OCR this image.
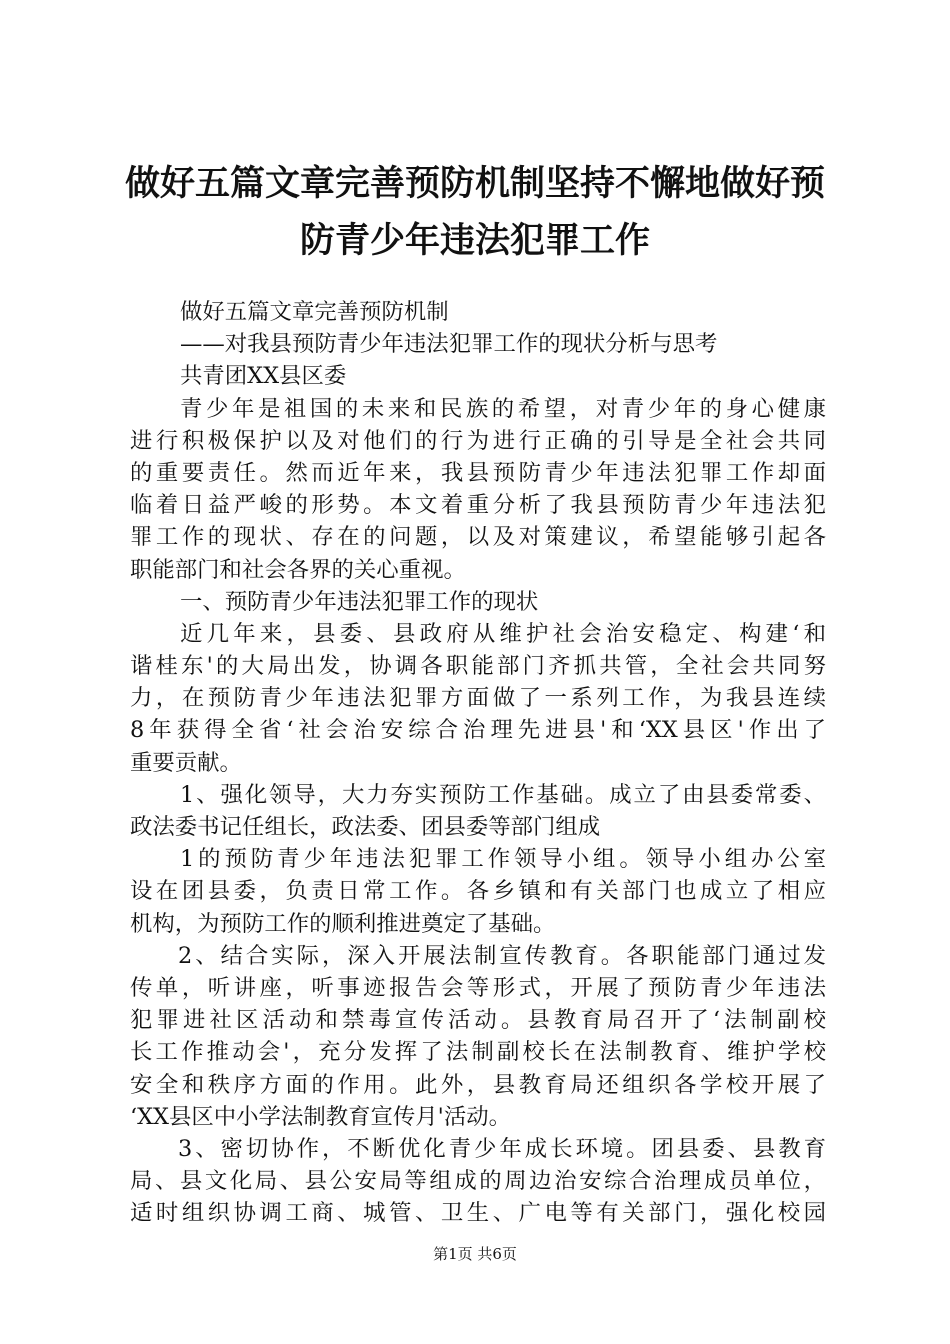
做好五篇文章完善预防机制坚持不懈地做好预
防青少年违法犯罪工作
做好五篇文章完善预防机制
——对我县预防青少年违法犯罪工作的现状分析与思考
共青团XX县区委
青少年是祖国的未来和民族的希望，对青少年的身心健康
进行积极保护以及对他们的行为进行正确的引导是全社会共同
的重要责任。然而近年来，我县预防青少年违法犯罪工作却面
临着日益严峻的形势。本文着重分析了我县预防青少年违法犯
罪工作的现状、存在的问题，以及对策建议，希望能够引起各
职能部门和社会各界的关心重视。
一、预防青少年违法犯罪工作的现状
近几年来，县委、县政府从维护社会治安稳定、构建‘和
谐桂东'的大局出发，协调各职能部门齐抓共管，全社会共同努
力，在预防青少年违法犯罪方面做了一系列工作，为我县连续
8年获得全省‘社会治安综合治理先进县'和‘XX县区'作出了
重要贡献。
1、强化领导，大力夯实预防工作基础。成立了由县委常委、
政法委书记任组长，政法委、团县委等部门组成
1的预防青少年违法犯罪工作领导小组。领导小组办公室
设在团县委，负责日常工作。各乡镇和有关部门也成立了相应
机构，为预防工作的顺利推进奠定了基础。
2、结合实际，深入开展法制宣传教育。各职能部门通过发
传单，听讲座，听事迹报告会等形式，开展了预防青少年违法
犯罪进社区活动和禁毒宣传活动。县教育局召开了‘法制副校
长工作推动会'，充分发挥了法制副校长在法制教育、维护学校
安全和秩序方面的作用。此外，县教育局还组织各学校开展了
‘XX县区中小学法制教育宣传月'活动。
3、密切协作，不断优化青少年成长环境。团县委、县教育
局、县文化局、县公安局等组成的周边治安综合治理成员单位，
适时组织协调工商、城管、卫生、广电等有关部门，强化校园
第1页 共6页
